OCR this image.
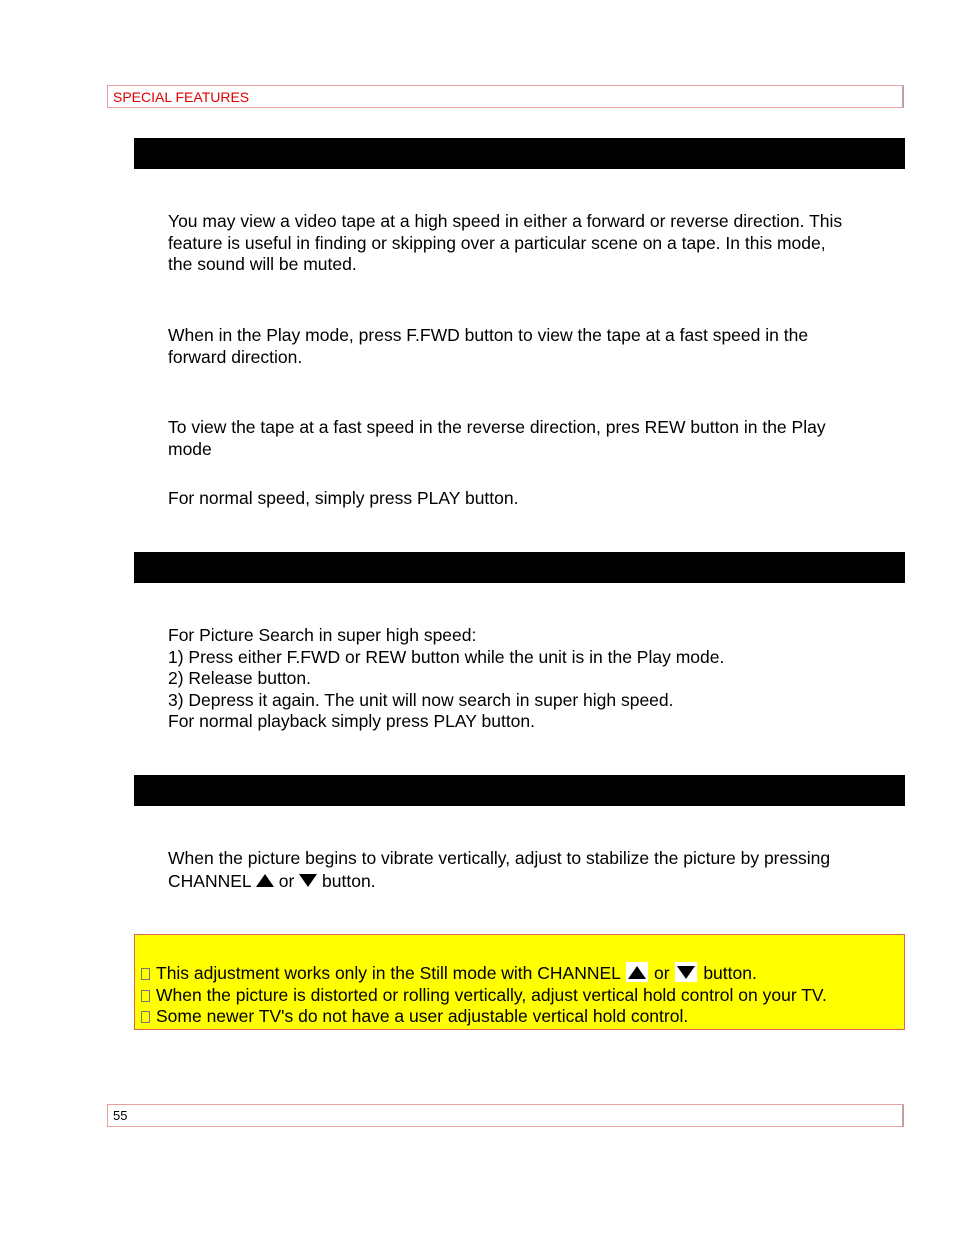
SPECIAL FEATURES
You may view a video tape at a high speed in either a forward or reverse direction. This
feature is useful in finding or skipping over a particular scene on a tape. In this mode,
the sound will be muted.
When in the Play mode, press F.FWD button to view the tape at a fast speed in the
forward direction.
To view the tape at a fast speed in the reverse direction, pres REW button in the Play
mode
For normal speed, simply press PLAY button.
For Picture Search in super high speed:
1) Press either F.FWD or REW button while the unit is in the Play mode.
2) Release button.
3) Depress it again. The unit will now search in super high speed.
For normal playback simply press PLAY button.
When the picture begins to vibrate vertically, adjust to stabilize the picture by pressing
CHANNEL or button.
This adjustment works only in the Still mode with CHANNEL or button.
When the picture is distorted or rolling vertically, adjust vertical hold control on your TV.
Some newer TV's do not have a user adjustable vertical hold control.
55
